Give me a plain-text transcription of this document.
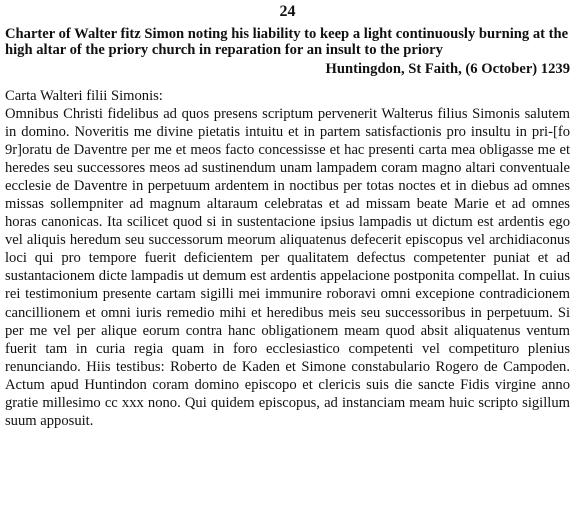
24
Charter of Walter fitz Simon noting his liability to keep a light continuously burning at the high altar of the priory church in reparation for an insult to the priory
Huntingdon, St Faith, (6 October) 1239
Carta Walteri filii Simonis:
Omnibus Christi fidelibus ad quos presens scriptum pervenerit Walterus filius Simonis salutem in domino. Noveritis me divine pietatis intuitu et in partem satisfactionis pro insultu in pri-[fo 9r]oratu de Daventre per me et meos facto concessisse et hac presenti carta mea obligasse me et heredes seu successores meos ad sustinendum unam lampadem coram magno altari conventuale ecclesie de Daventre in perpetuum ardentem in noctibus per totas noctes et in diebus ad omnes missas sollempniter ad magnum altaraum celebratas et ad missam beate Marie et ad omnes horas canonicas. Ita scilicet quod si in sustentacione ipsius lampadis ut dictum est ardentis ego vel aliquis heredum seu successorum meorum aliquatenus defecerit episcopus vel archidiaconus loci qui pro tempore fuerit deficientem per qualitatem defectus competenter puniat et ad sustantacionem dicte lampadis ut demum est ardentis appelacione postponita compellat. In cuius rei testimonium presente cartam sigilli mei immunire roboravi omni excepione contradicionem cancillionem et omni iuris remedio mihi et heredibus meis seu successoribus in perpetuum. Si per me vel per alique eorum contra hanc obligationem meam quod absit aliquatenus ventum fuerit tam in curia regia quam in foro ecclesiastico competenti vel competituro plenius renunciando. Hiis testibus: Roberto de Kaden et Simone constabulario Rogero de Campoden. Actum apud Huntindon coram domino episcopo et clericis suis die sancte Fidis virgine anno gratie millesimo cc xxx nono. Qui quidem episcopus, ad instanciam meam huic scripto sigillum suum apposuit.
